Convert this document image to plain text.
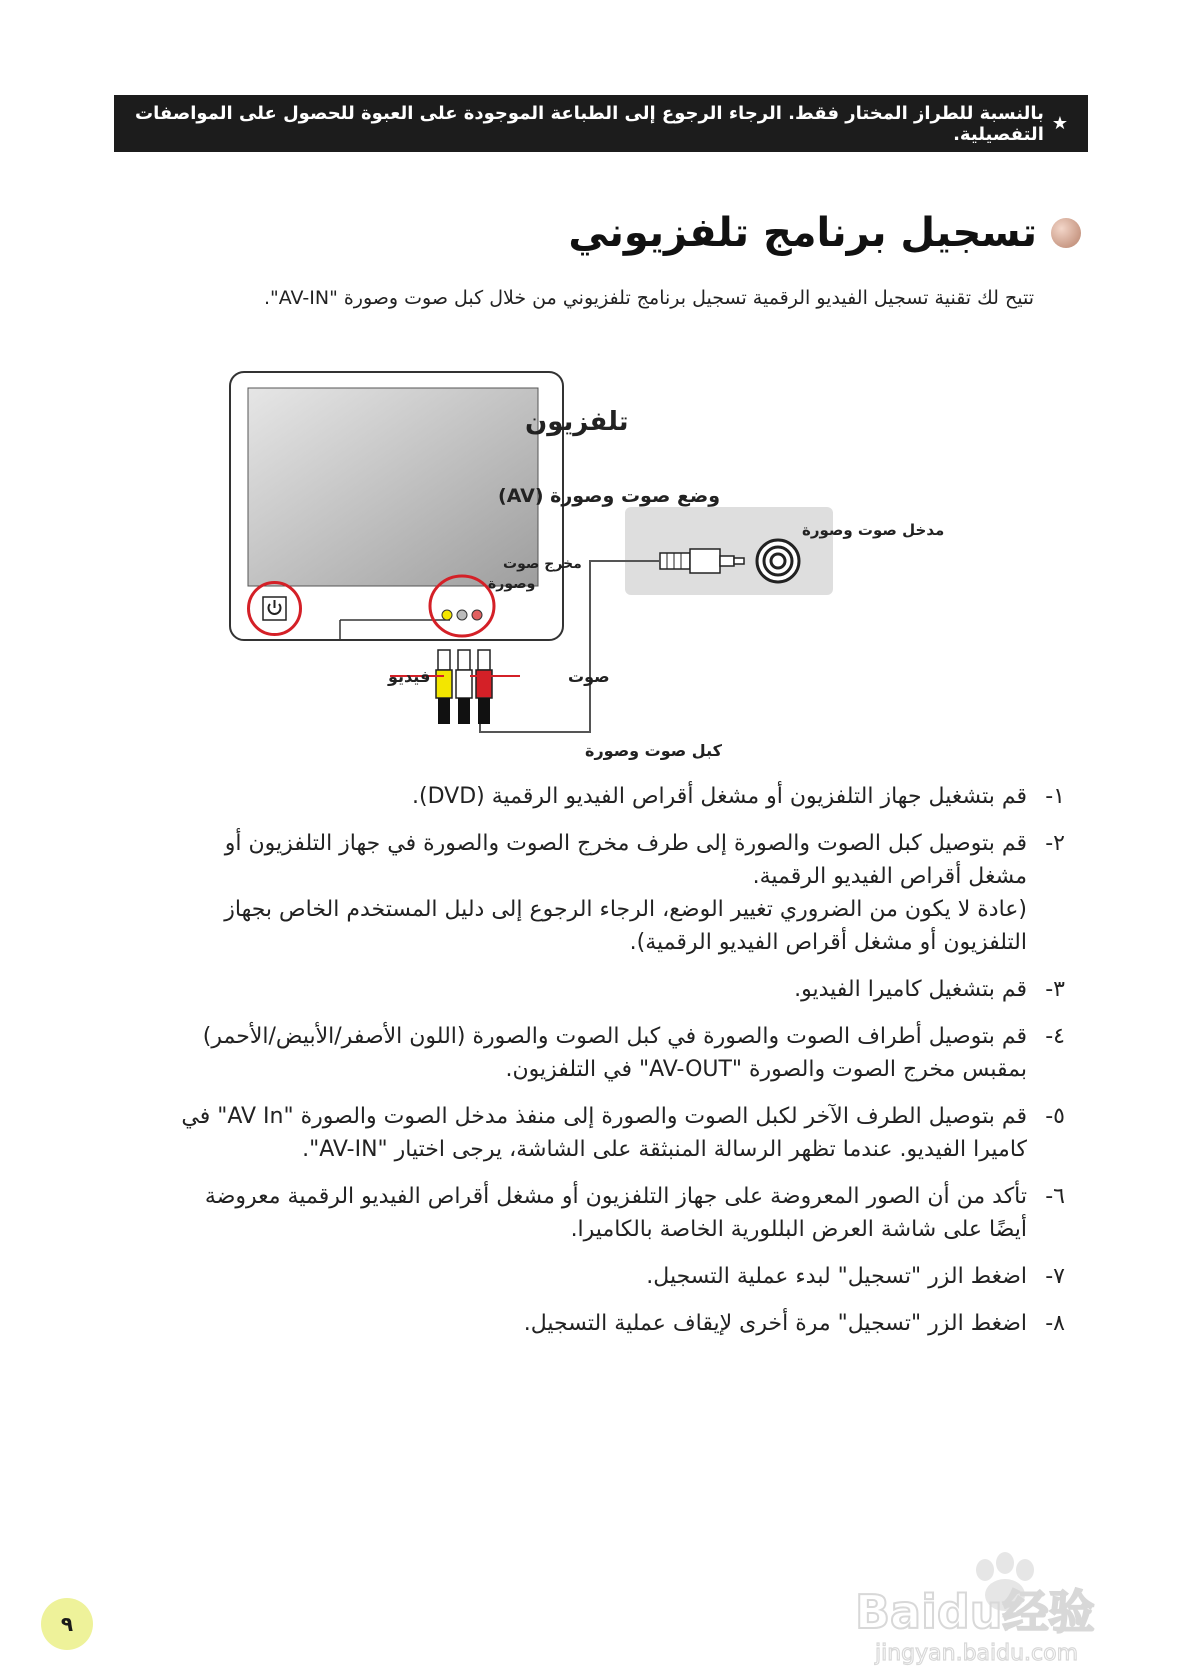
★
بالنسبة للطراز المختار فقط. الرجاء الرجوع إلى الطباعة الموجودة على العبوة للحصول على المواصفات التفصيلية.
تسجيل برنامج تلفزيوني
تتيح لك تقنية تسجيل الفيديو الرقمية تسجيل برنامج تلفزيوني من خلال كبل صوت وصورة "AV-IN".
تلفزيون
وضع صوت وصورة (AV)
مخرج صوت
وصورة
مدخل صوت وصورة
فيديو	صوت
كبل صوت وصورة
١-
قم بتشغيل جهاز التلفزيون أو مشغل أقراص الفيديو الرقمية (DVD).
٢-
قم بتوصيل كبل الصوت والصورة إلى طرف مخرج الصوت والصورة في جهاز التلفزيون أو مشغل أقراص الفيديو الرقمية.
(عادة لا يكون من الضروري تغيير الوضع، الرجاء الرجوع إلى دليل المستخدم الخاص بجهاز التلفزيون أو مشغل أقراص الفيديو الرقمية).
٣-
قم بتشغيل كاميرا الفيديو.
٤-
قم بتوصيل أطراف الصوت والصورة في كبل الصوت والصورة (اللون الأصفر/الأبيض/الأحمر) بمقبس مخرج الصوت والصورة "AV-OUT" في التلفزيون.
٥-
قم بتوصيل الطرف الآخر لكبل الصوت والصورة إلى منفذ مدخل الصوت والصورة "AV In" في كاميرا الفيديو. عندما تظهر الرسالة المنبثقة على الشاشة، يرجى اختيار "AV-IN".
٦-
تأكد من أن الصور المعروضة على جهاز التلفزيون أو مشغل أقراص الفيديو الرقمية معروضة أيضًا على شاشة العرض البللورية الخاصة بالكاميرا.
٧-
اضغط الزر "تسجيل" لبدء عملية التسجيل.
٨-
اضغط الزر "تسجيل" مرة أخرى لإيقاف عملية التسجيل.
Baidu经验
jingyan.baidu.com
٩
